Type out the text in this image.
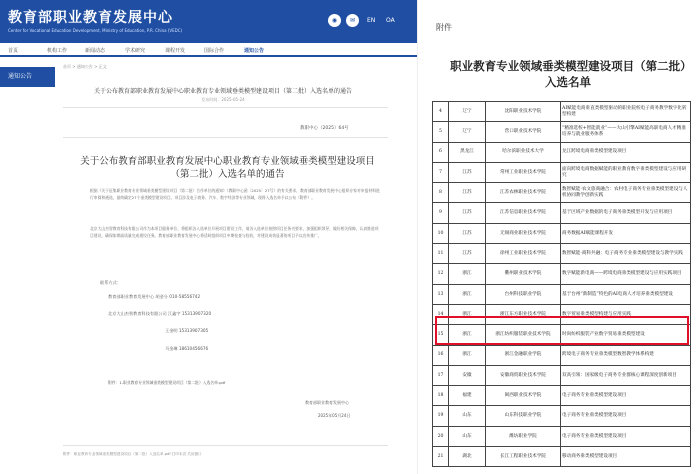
教育部职业教育发展中心
Center for Vocational Education Development, Ministry of Education, P.R. China (VEDC)
◉	✉	EN OA
首页	机构工作	新闻动态	学术研究	课程开发	国际合作	通知公告
通知公告
首页 > 通知公告 > 正文
关于公布教育部职业教育发展中心职业教育专业领域垂类模型建设项目（第二批）入选名单的通告
发布时间：2025-05-24
教职中心（2025）64号
关于公布教育部职业教育发展中心职业教育专业领域垂类模型建设项目（第二批）入选名单的通告
根据《关于征集职业教育专业领域垂类模型建设项目（第二批）合作单位的通知》（教职中心函〔2025〕27号）的有关要求，教育部职业教育发展中心组织专家对申报材料进行审阅和遴选，最终确定27个垂类模型建设项目，项目涉及电子商务、汽车、数字经济等专业领域，现将入选名单予以公布（附件）。
北京大山杰智教育科技有限公司作为本项目服务单位，将组织各入选单位开展项目建设工作，请各入选单位按照项目任务书要求，加强组织领导，做好相关保障，认真推进项目建设，确保如期高质量完成建设任务。教育部职业教育发展中心将适时组织项目中期检查与验收，对建设成效显著的项目予以宣传推广。
联系方式：
教育部职业教育发展中心 胡金分 010-58556742
北京大山杰智教育科技有限公司 江鑫宇 15313907320
王金明 15313907305
马金琳 18610456676
附件：1.职业教育专业领域垂类模型建设项目（第二批）入选名单.pdf
教育部职业教育发展中心
2025年05月24日
附件：职业教育专业领域垂类模型建设项目（第二批）入选名单.pdf 打印本页 关闭窗口
附件
职业教育专业领域垂类模型建设项目（第二批）入选名单
4	辽宁	沈阳职业技术学院	AI赋能电商垂直类模型驱动的职业院校电子商务教学数字化转型构建
5	辽宁	营口职业技术学院	“精准选校+智能就业”——大山引擎AI赋能高职电商人才精准培养与就业服务体系
6	黑龙江	哈尔滨职业技术大学	龙江跨境电商垂类模型建设项目
7	江苏	常州工业职业技术学院	面向跨境电商数据赋能的职业教育数字垂类模型建设与应用研究
8	江苏	江苏农林职业技术学院	数智赋能·农文旅商融合：农村电子商务专业垂类模型建设与人机协同教学创新实践
9	江苏	江苏信息职业技术学院	基于区域产业数据的电子商务垂类模型开发与应用项目
10	江苏	无锡商业职业技术学院	商务数据AI赋能课程开发
11	江苏	徐州工业职业技术学院	数智赋能·商科共融：电子商务专业垂类模型建设与教学实践
12	浙江	衢州职业技术学院	数字赋能新电商——跨境电商垂类模型建设与应用实践项目
13	浙江	台州科技职业学院	基于台州“新制造”特色的AI电商人才培养垂类模型建设
14	浙江	浙江东方职业技术学院	数字贸易垂类模型构建与应用实践
15	浙江	浙江纺织服装职业技术学院	时尚纺织服装产业数字贸易垂类模型建设
16	浙江	浙江金融职业学院	跨境电子商务专业垂类模型数智教学体系构建
17	安徽	安徽商贸职业技术学院	双高引领：国家级电子商务专业群核心课程深度创新项目
18	福建	闽西职业技术学院	电子商务专业垂类模型建设项目
19	山东	山东科技职业学院	电子商务专业垂类模型建设项目
20	山东	潍坊职业学院	电子商务专业垂类模型建设项目
21	湖北	长江工程职业技术学院	移动商务垂类模型建设项目
